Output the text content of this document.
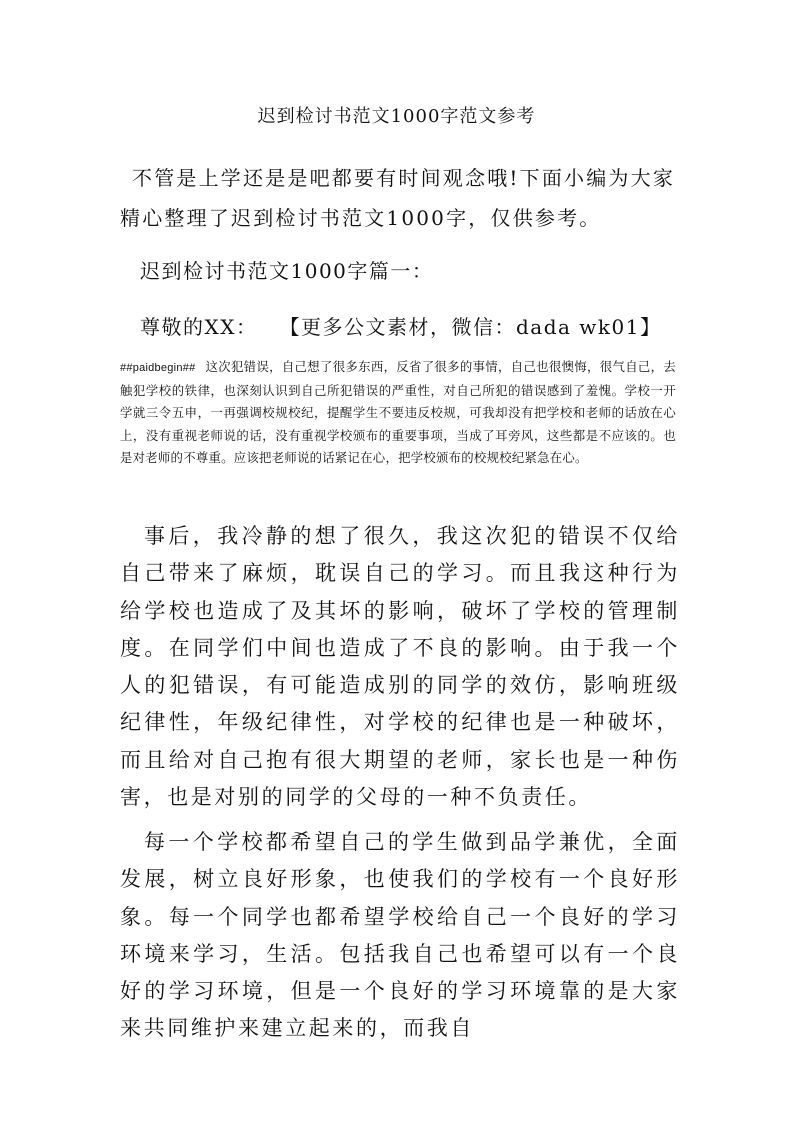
迟到检讨书范文1000字范文参考
不管是上学还是是吧都要有时间观念哦!下面小编为大家精心整理了迟到检讨书范文1000字，仅供参考。
迟到检讨书范文1000字篇一：
尊敬的XX： 【更多公文素材，微信：dada wk01】
##paidbegin## 这次犯错误，自己想了很多东西，反省了很多的事情，自己也很懊悔，很气自己，去触犯学校的铁律，也深刻认识到自己所犯错误的严重性，对自己所犯的错误感到了羞愧。学校一开学就三令五申，一再强调校规校纪，提醒学生不要违反校规，可我却没有把学校和老师的话放在心上，没有重视老师说的话，没有重视学校颁布的重要事项，当成了耳旁风，这些都是不应该的。也是对老师的不尊重。应该把老师说的话紧记在心，把学校颁布的校规校纪紧急在心。
事后，我冷静的想了很久，我这次犯的错误不仅给自己带来了麻烦，耽误自己的学习。而且我这种行为给学校也造成了及其坏的影响，破坏了学校的管理制度。在同学们中间也造成了不良的影响。由于我一个人的犯错误，有可能造成别的同学的效仿，影响班级纪律性，年级纪律性，对学校的纪律也是一种破坏，而且给对自己抱有很大期望的老师，家长也是一种伤害，也是对别的同学的父母的一种不负责任。
每一个学校都希望自己的学生做到品学兼优，全面发展，树立良好形象，也使我们的学校有一个良好形象。每一个同学也都希望学校给自己一个良好的学习环境来学习，生活。包括我自己也希望可以有一个良好的学习环境，但是一个良好的学习环境靠的是大家来共同维护来建立起来的，而我自
